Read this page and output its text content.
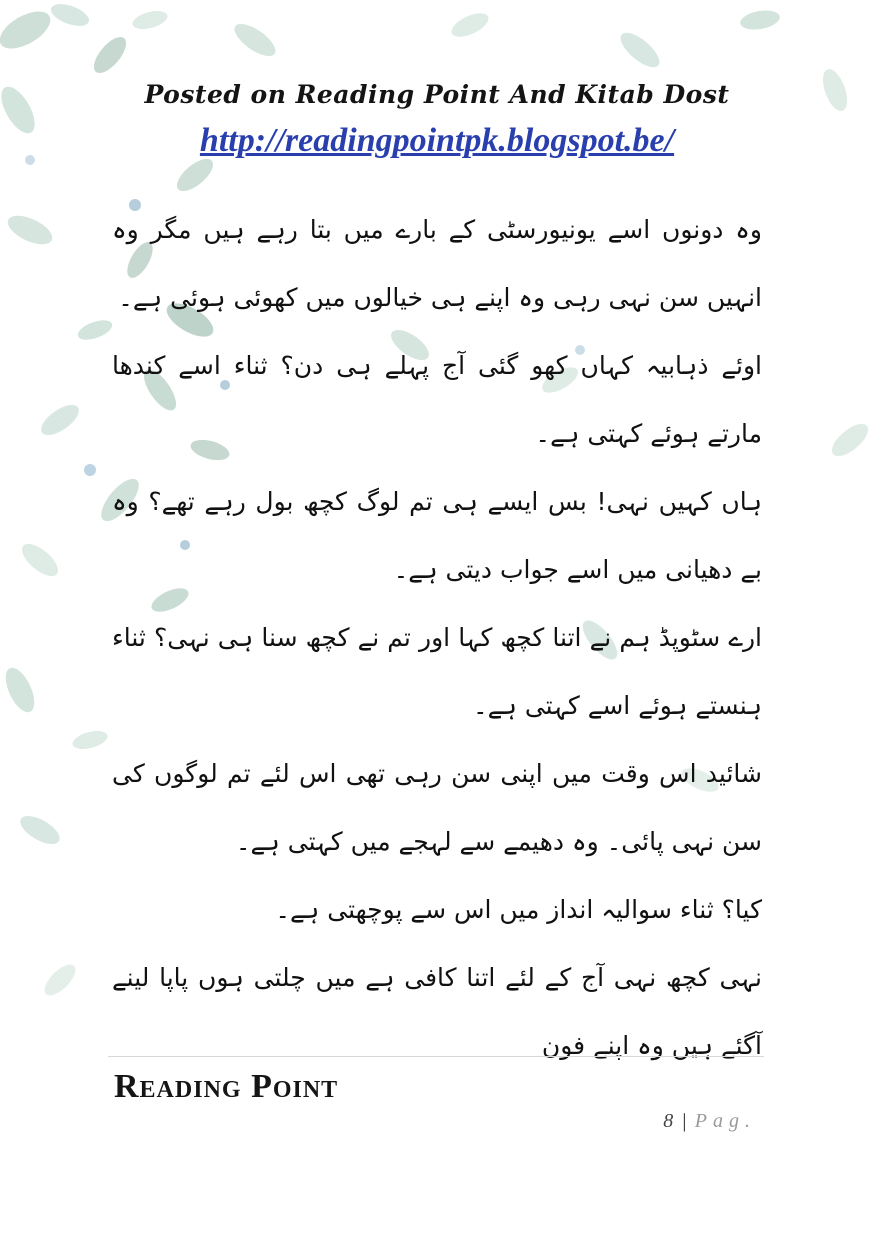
Posted on Reading Point And Kitab Dost
http://readingpointpk.blogspot.be/

وہ دونوں اسے یونیورسٹی کے بارے میں بتا رہے ہیں مگر وہ انہیں سن نہی رہی وہ اپنے ہی خیالوں میں کھوئی ہوئی ہے۔

اوئے ذہابیہ کہاں کھو گئی آج پہلے ہی دن؟ ثناء اسے کندھا مارتے ہوئے کہتی ہے۔

ہاں کہیں نہی! بس ایسے ہی تم لوگ کچھ بول رہے تھے؟ وہ بے دھیانی میں اسے جواب دیتی ہے۔

ارے سٹوپڈ ہم نے اتنا کچھ کہا اور تم نے کچھ سنا ہی نہی؟ ثناء ہنستے ہوئے اسے کہتی ہے۔

شائید اس وقت میں اپنی سن رہی تھی اس لئے تم لوگوں کی سن نہی پائی۔ وہ دھیمے سے لہجے میں کہتی ہے۔

کیا؟ ثناء سوالیہ انداز میں اس سے پوچھتی ہے۔

نہی کچھ نہی آج کے لئے اتنا کافی ہے میں چلتی ہوں پاپا لینے آگئے ہیں وہ اپنے فون

Reading Point
8 | Pag.
